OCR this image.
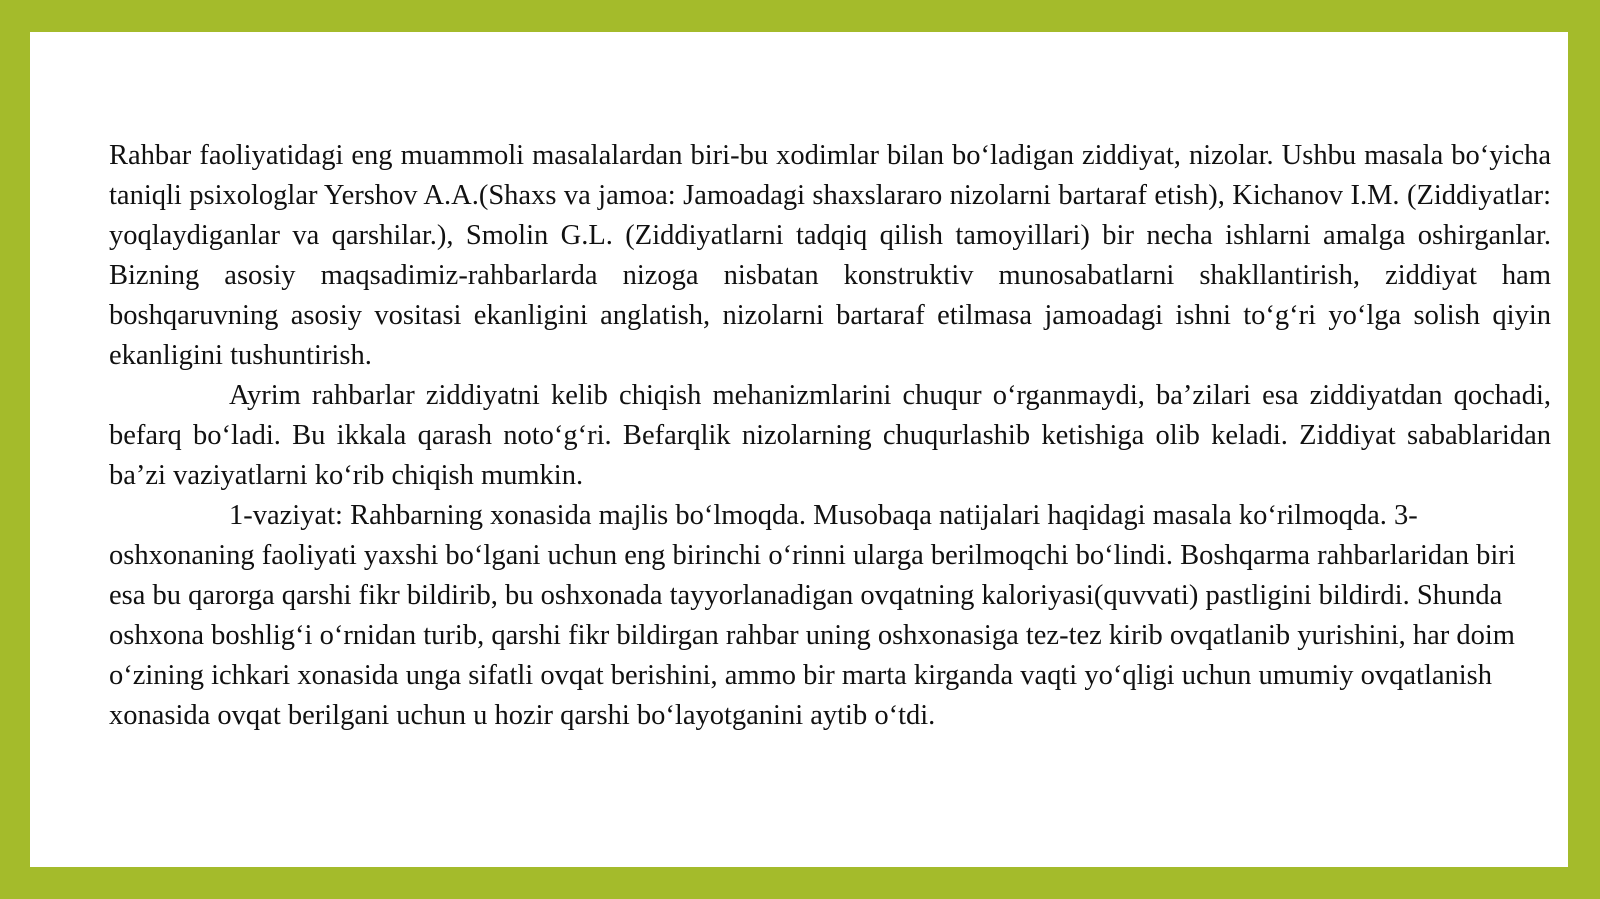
Rahbar faoliyatidagi eng muammoli masalalardan biri-bu xodimlar bilan bo‘ladigan ziddiyat, nizolar. Ushbu masala bo‘yicha taniqli psixologlar Yershov A.A.(Shaxs va jamoa: Jamoadagi shaxslararo nizolarni bartaraf etish), Kichanov I.M. (Ziddiyatlar: yoqlaydiganlar va qarshilar.), Smolin G.L. (Ziddiyatlarni tadqiq qilish tamoyillari) bir necha ishlarni amalga oshirganlar. Bizning asosiy maqsadimiz-rahbarlarda nizoga nisbatan konstruktiv munosabatlarni shakllantirish, ziddiyat ham boshqaruvning asosiy vositasi ekanligini anglatish, nizolarni bartaraf etilmasa jamoadagi ishni to‘g‘ri yo‘lga solish qiyin ekanligini tushuntirish.

Ayrim rahbarlar ziddiyatni kelib chiqish mehanizmlarini chuqur o‘rganmaydi, ba’zilari esa ziddiyatdan qochadi, befarq bo‘ladi. Bu ikkala qarash noto‘g‘ri. Befarqlik nizolarning chuqurlashib ketishiga olib keladi. Ziddiyat sabablaridan ba’zi vaziyatlarni ko‘rib chiqish mumkin.

1-vaziyat: Rahbarning xonasida majlis bo‘lmoqda. Musobaqa natijalari haqidagi masala ko‘rilmoqda. 3-oshxonaning faoliyati yaxshi bo‘lgani uchun eng birinchi o‘rinni ularga berilmoqchi bo‘lindi. Boshqarma rahbarlaridan biri esa bu qarorga qarshi fikr bildirib, bu oshxonada tayyorlanadigan ovqatning kaloriyasi(quvvati) pastligini bildirdi. Shunda oshxona boshlig‘i o‘rnidan turib, qarshi fikr bildirgan rahbar uning oshxonasiga tez-tez kirib ovqatlanib yurishini, har doim o‘zining ichkari xonasida unga sifatli ovqat berishini, ammo bir marta kirganda vaqti yo‘qligi uchun umumiy ovqatlanish xonasida ovqat berilgani uchun u hozir qarshi bo‘layotganini aytib o‘tdi.
